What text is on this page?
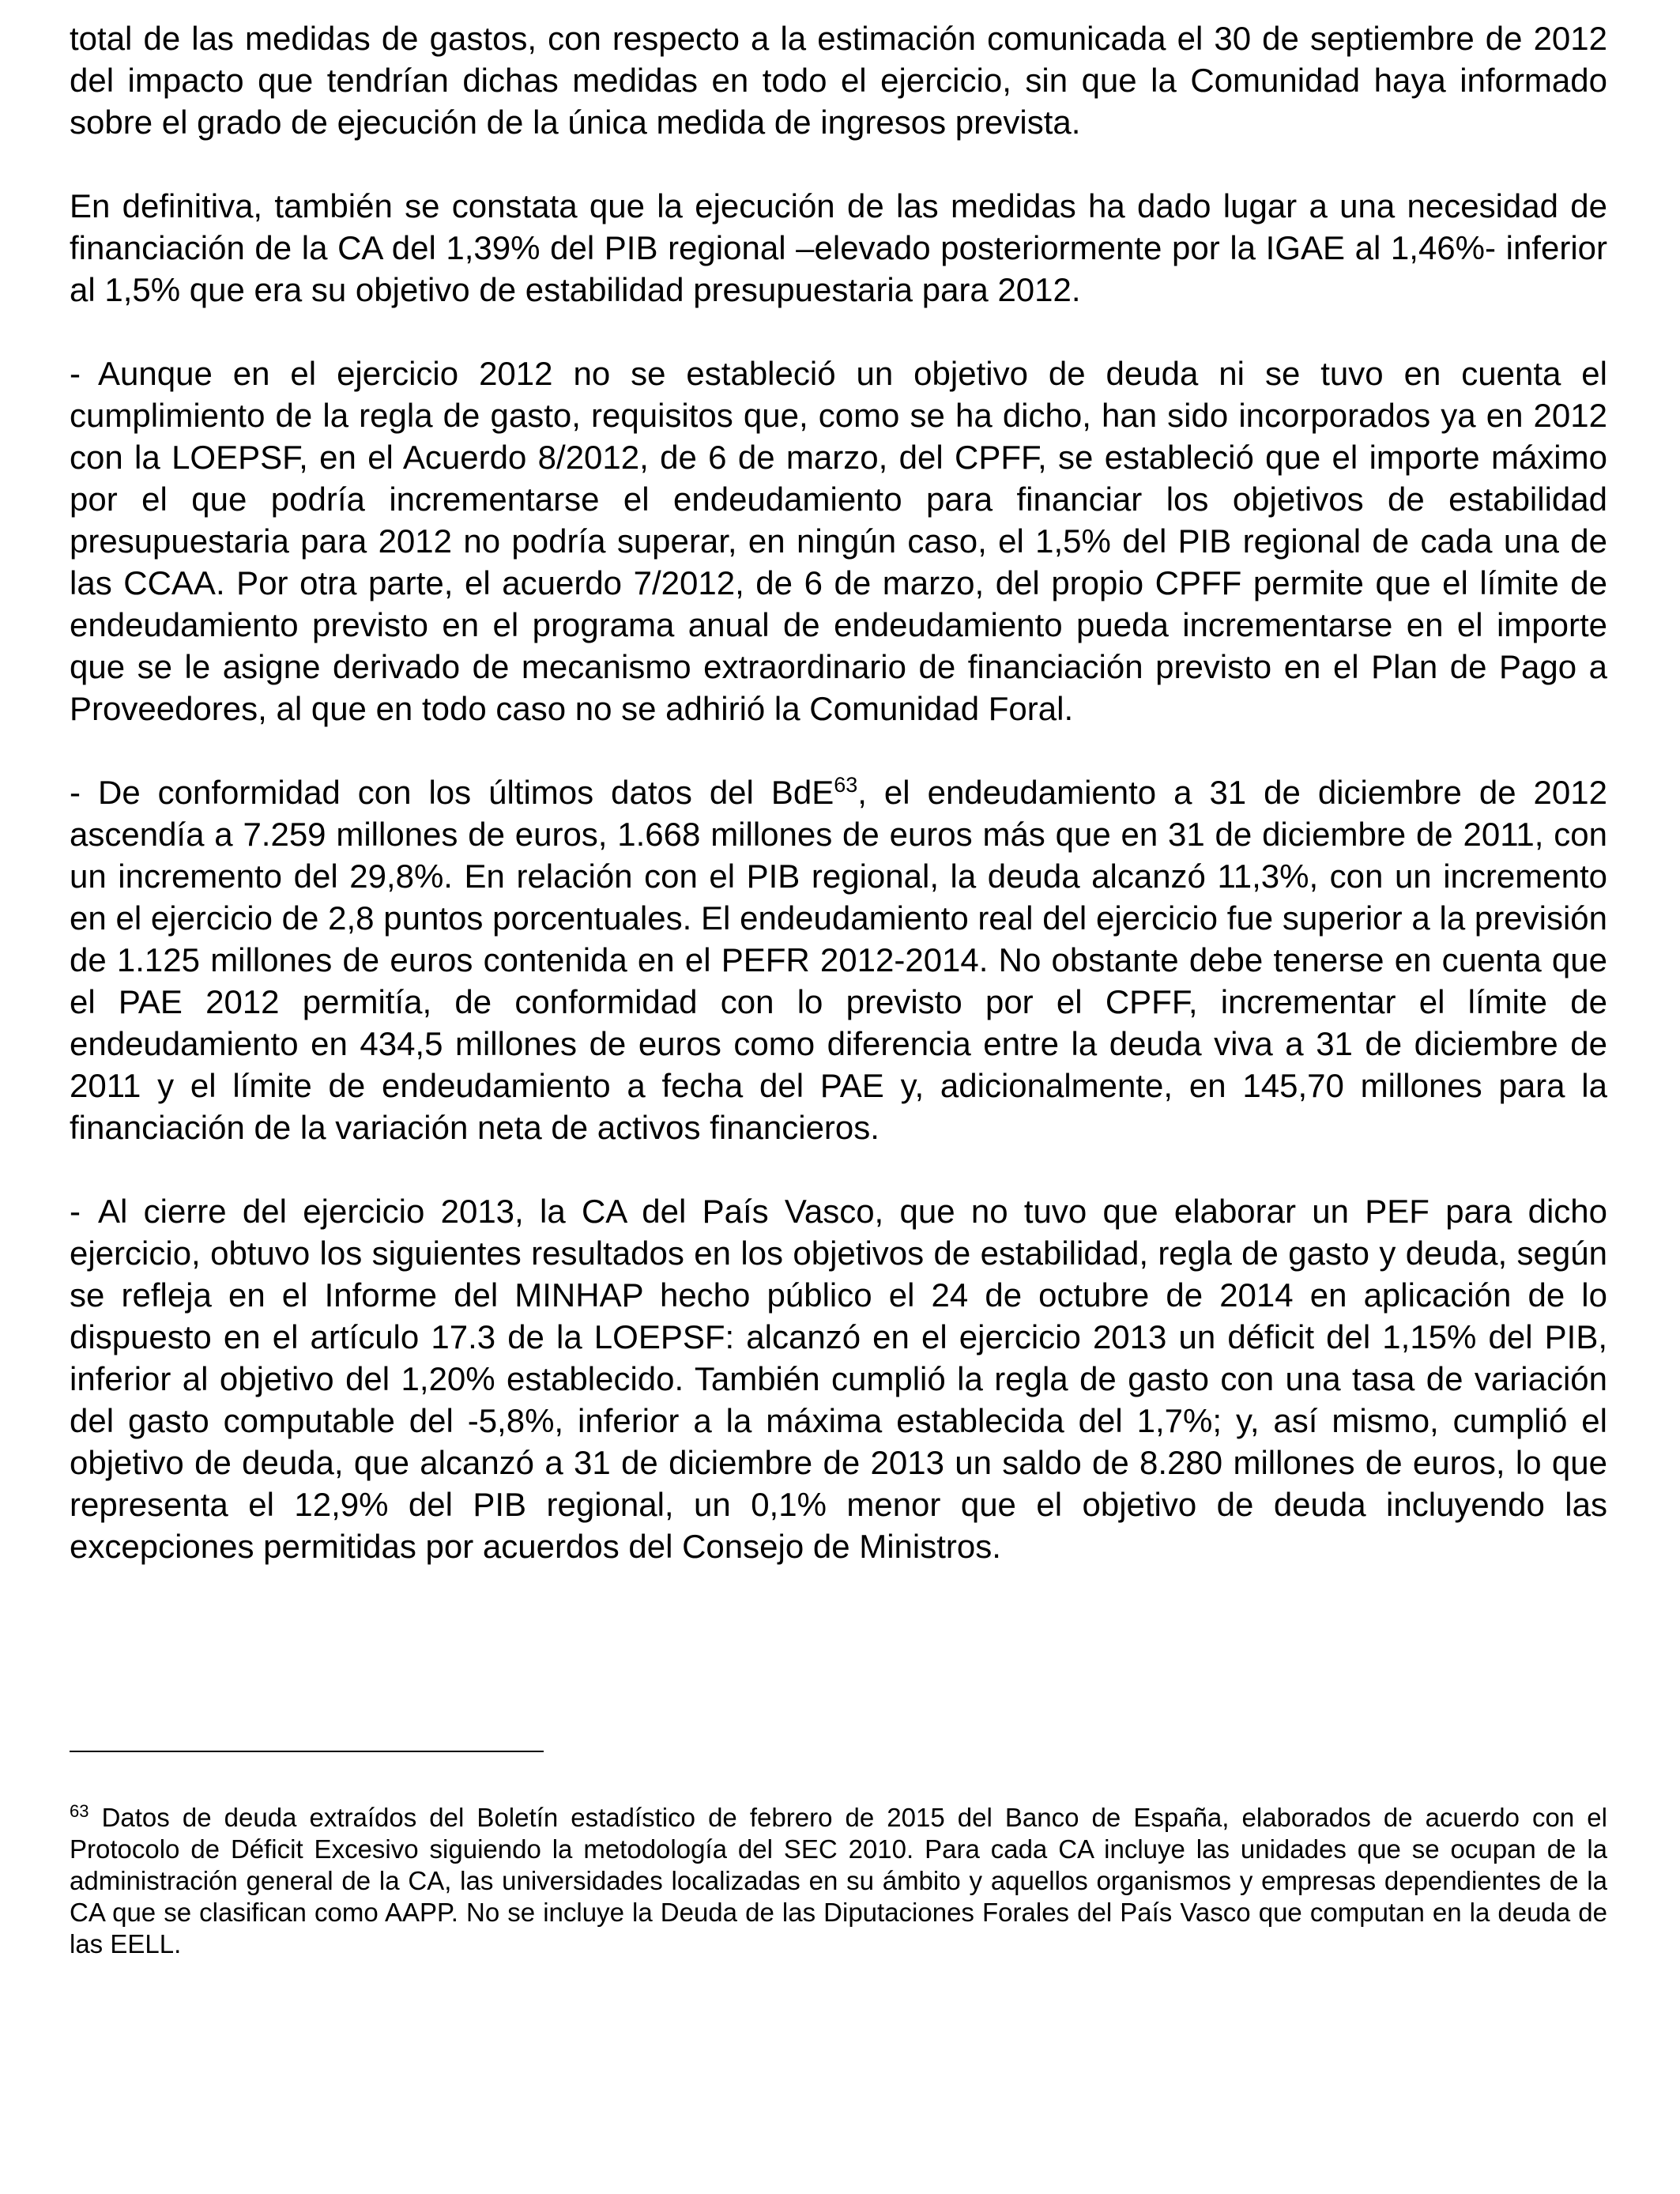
total de las medidas de gastos, con respecto a la estimación comunicada el 30 de septiembre de 2012 del impacto que tendrían dichas medidas en todo el ejercicio, sin que la Comunidad haya informado sobre el grado de ejecución de la única medida de ingresos prevista.

En definitiva, también se constata que la ejecución de las medidas ha dado lugar a una necesidad de financiación de la CA del 1,39% del PIB regional –elevado posteriormente por la IGAE al 1,46%- inferior al 1,5% que era su objetivo de estabilidad presupuestaria para 2012.

- Aunque en el ejercicio 2012 no se estableció un objetivo de deuda ni se tuvo en cuenta el cumplimiento de la regla de gasto, requisitos que, como se ha dicho, han sido incorporados ya en 2012 con la LOEPSF, en el Acuerdo 8/2012, de 6 de marzo, del CPFF, se estableció que el importe máximo por el que podría incrementarse el endeudamiento para financiar los objetivos de estabilidad presupuestaria para 2012 no podría superar, en ningún caso, el 1,5% del PIB regional de cada una de las CCAA. Por otra parte, el acuerdo 7/2012, de 6 de marzo, del propio CPFF permite que el límite de endeudamiento previsto en el programa anual de endeudamiento pueda incrementarse en el importe que se le asigne derivado de mecanismo extraordinario de financiación previsto en el Plan de Pago a Proveedores, al que en todo caso no se adhirió la Comunidad Foral.

- De conformidad con los últimos datos del BdE$^{63}$, el endeudamiento a 31 de diciembre de 2012 ascendía a 7.259 millones de euros, 1.668 millones de euros más que en 31 de diciembre de 2011, con un incremento del 29,8%. En relación con el PIB regional, la deuda alcanzó 11,3%, con un incremento en el ejercicio de 2,8 puntos porcentuales. El endeudamiento real del ejercicio fue superior a la previsión de 1.125 millones de euros contenida en el PEFR 2012-2014. No obstante debe tenerse en cuenta que el PAE 2012 permitía, de conformidad con lo previsto por el CPFF, incrementar el límite de endeudamiento en 434,5 millones de euros como diferencia entre la deuda viva a 31 de diciembre de 2011 y el límite de endeudamiento a fecha del PAE y, adicionalmente, en 145,70 millones para la financiación de la variación neta de activos financieros.

- Al cierre del ejercicio 2013, la CA del País Vasco, que no tuvo que elaborar un PEF para dicho ejercicio, obtuvo los siguientes resultados en los objetivos de estabilidad, regla de gasto y deuda, según se refleja en el Informe del MINHAP hecho público el 24 de octubre de 2014 en aplicación de lo dispuesto en el artículo 17.3 de la LOEPSF: alcanzó en el ejercicio 2013 un déficit del 1,15% del PIB, inferior al objetivo del 1,20% establecido. También cumplió la regla de gasto con una tasa de variación del gasto computable del -5,8%, inferior a la máxima establecida del 1,7%; y, así mismo, cumplió el objetivo de deuda, que alcanzó a 31 de diciembre de 2013 un saldo de 8.280 millones de euros, lo que representa el 12,9% del PIB regional, un 0,1% menor que el objetivo de deuda incluyendo las excepciones permitidas por acuerdos del Consejo de Ministros.

$^{63}$ Datos de deuda extraídos del Boletín estadístico de febrero de 2015 del Banco de España, elaborados de acuerdo con el Protocolo de Déficit Excesivo siguiendo la metodología del SEC 2010. Para cada CA incluye las unidades que se ocupan de la administración general de la CA, las universidades localizadas en su ámbito y aquellos organismos y empresas dependientes de la CA que se clasifican como AAPP. No se incluye la Deuda de las Diputaciones Forales del País Vasco que computan en la deuda de las EELL.
